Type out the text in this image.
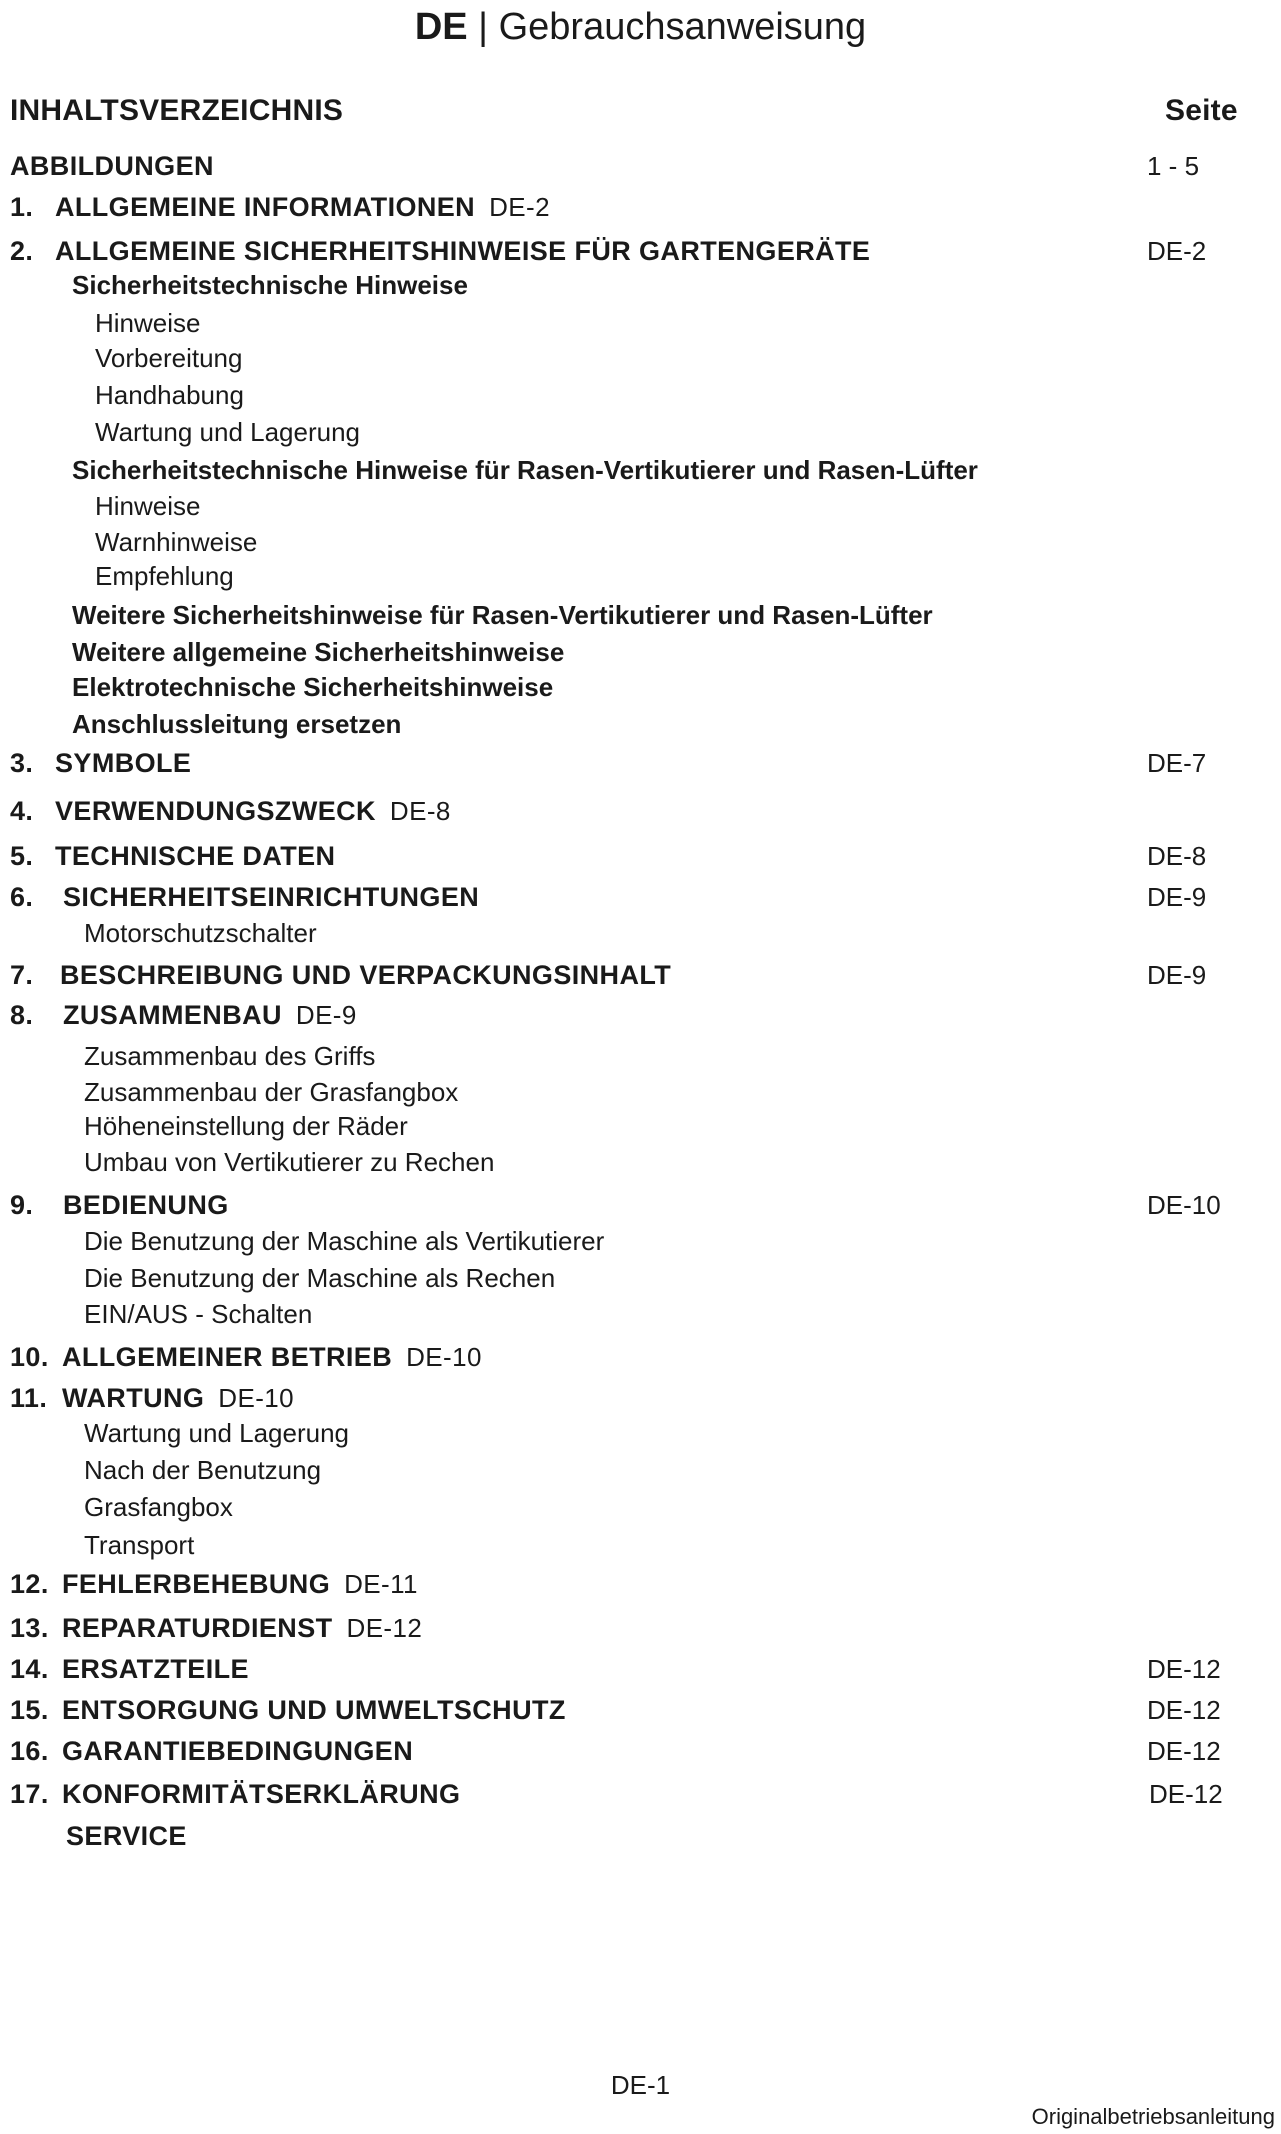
DE | Gebrauchsanweisung
INHALTSVERZEICHNIS	Seite
ABBILDUNGEN	1 - 5
1. ALLGEMEINE INFORMATIONEN DE-2
2. ALLGEMEINE SICHERHEITSHINWEISE FÜR GARTENGERÄTE	DE-2
Sicherheitstechnische Hinweise
Hinweise
Vorbereitung
Handhabung
Wartung und Lagerung
Sicherheitstechnische Hinweise für Rasen-Vertikutierer und Rasen-Lüfter
Hinweise
Warnhinweise
Empfehlung
Weitere Sicherheitshinweise für Rasen-Vertikutierer und Rasen-Lüfter
Weitere allgemeine Sicherheitshinweise
Elektrotechnische Sicherheitshinweise
Anschlussleitung ersetzen
3. SYMBOLE	DE-7
4. VERWENDUNGSZWECK DE-8
5. TECHNISCHE DATEN	DE-8
6. SICHERHEITSEINRICHTUNGEN	DE-9
Motorschutzschalter
7. BESCHREIBUNG UND VERPACKUNGSINHALT	DE-9
8. ZUSAMMENBAU DE-9
Zusammenbau des Griffs
Zusammenbau der Grasfangbox
Höheneinstellung der Räder
Umbau von Vertikutierer zu Rechen
9. BEDIENUNG	DE-10
Die Benutzung der Maschine als Vertikutierer
Die Benutzung der Maschine als Rechen
EIN/AUS - Schalten
10. ALLGEMEINER BETRIEB DE-10
11. WARTUNG DE-10
Wartung und Lagerung
Nach der Benutzung
Grasfangbox
Transport
12. FEHLERBEHEBUNG DE-11
13. REPARATURDIENST DE-12
14. ERSATZTEILE	DE-12
15. ENTSORGUNG UND UMWELTSCHUTZ	DE-12
16. GARANTIEBEDINGUNGEN	DE-12
17. KONFORMITÄTSERKLÄRUNG	DE-12
SERVICE
DE-1
Originalbetriebsanleitung
